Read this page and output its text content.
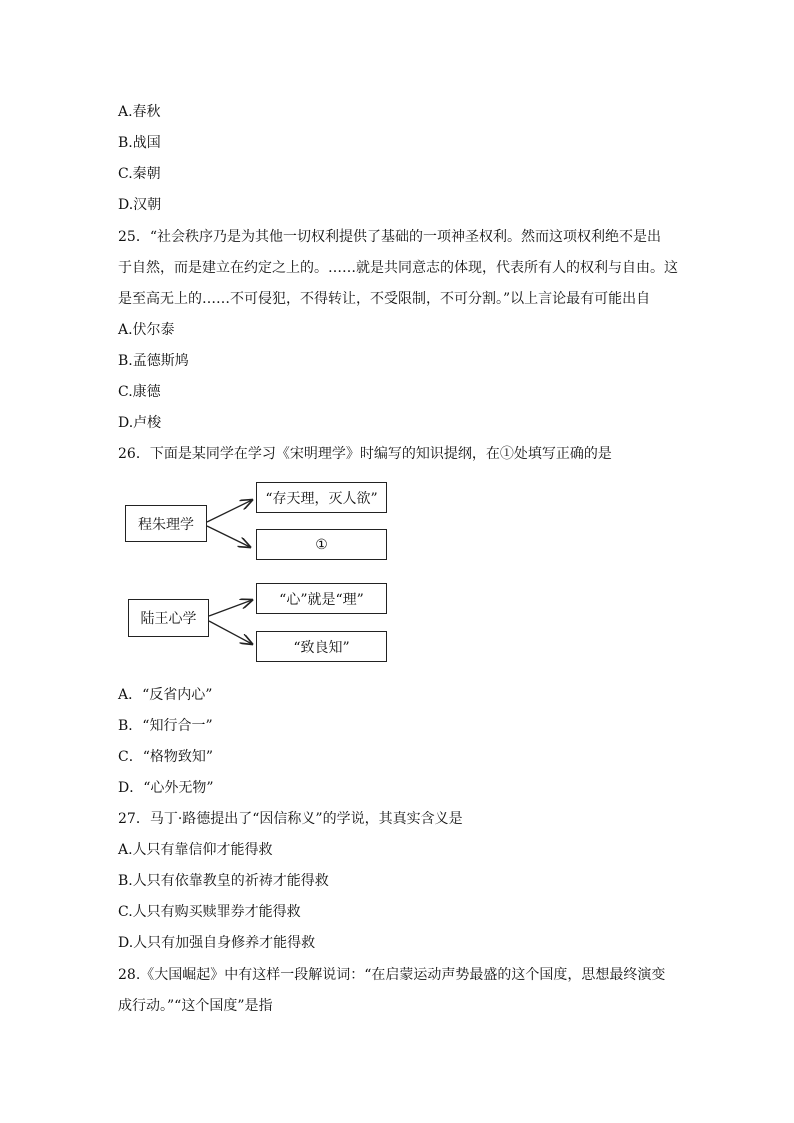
A.春秋
B.战国
C.秦朝
D.汉朝
25．“社会秩序乃是为其他一切权利提供了基础的一项神圣权利。然而这项权利绝不是出
于自然，而是建立在约定之上的。……就是共同意志的体现，代表所有人的权利与自由。这
是至高无上的……不可侵犯，不得转让，不受限制，不可分割。”以上言论最有可能出自
A.伏尔泰
B.孟德斯鸠
C.康德
D.卢梭
26．下面是某同学在学习《宋明理学》时编写的知识提纲，在①处填写正确的是
程朱理学
“存天理，灭人欲”
①
陆王心学
“心”就是“理”
“致良知”
A．“反省内心”
B．“知行合一”
C．“格物致知”
D．“心外无物”
27．马丁·路德提出了“因信称义”的学说，其真实含义是
A.人只有靠信仰才能得救
B.人只有依靠教皇的祈祷才能得救
C.人只有购买赎罪券才能得救
D.人只有加强自身修养才能得救
28.《大国崛起》中有这样一段解说词：“在启蒙运动声势最盛的这个国度，思想最终演变
成行动。”“这个国度”是指
